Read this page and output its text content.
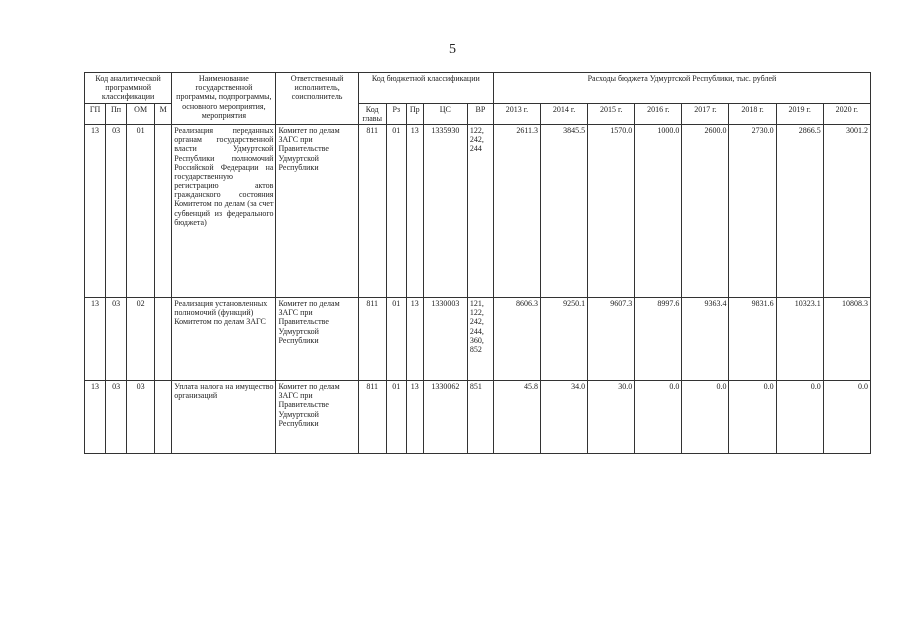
5
Код аналитической программной классификации				Наименование государственной программы, подпрограммы, основного мероприятия, мероприятия	Ответственный исполнитель, соисполнитель	Код бюджетной классификации					Расходы бюджета Удмуртской Республики, тыс. рублей							
ГП	Пп	ОМ	М			Код главы	Рз	Пр	ЦС	ВР	2013 г.	2014 г.	2015 г.	2016 г.	2017 г.	2018 г.	2019 г.	2020 г.
13	03	01		Реализация переданных органам государственной власти Удмуртской Республики полномочий Российской Федерации на государственную регистрацию актов гражданского состояния Комитетом по делам (за счет субвенций из федерального бюджета)	Комитет по делам ЗАГС при Правительстве Удмуртской Республики	811	01	13	1335930	122, 242, 244	2611.3	3845.5	1570.0	1000.0	2600.0	2730.0	2866.5	3001.2
13	03	02		Реализация установленных полномочий (функций) Комитетом по делам ЗАГС	Комитет по делам ЗАГС при Правительстве Удмуртской Республики	811	01	13	1330003	121, 122, 242, 244, 360, 852	8606.3	9250.1	9607.3	8997.6	9363.4	9831.6	10323.1	10808.3
13	03	03		Уплата налога на имущество организаций	Комитет по делам ЗАГС при Правительстве Удмуртской Республики	811	01	13	1330062	851	45.8	34.0	30.0	0.0	0.0	0.0	0.0	0.0
